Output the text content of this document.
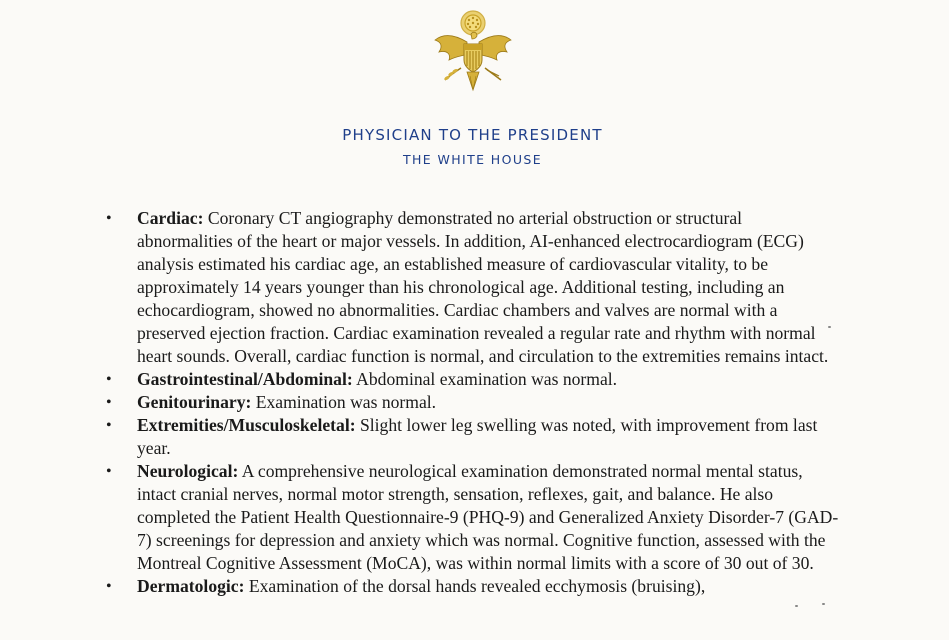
PHYSICIAN TO THE PRESIDENT
THE WHITE HOUSE
• Cardiac: Coronary CT angiography demonstrated no arterial obstruction or structural abnormalities of the heart or major vessels. In addition, AI-enhanced electrocardiogram (ECG) analysis estimated his cardiac age, an established measure of cardiovascular vitality, to be approximately 14 years younger than his chronological age. Additional testing, including an echocardiogram, showed no abnormalities. Cardiac chambers and valves are normal with a preserved ejection fraction. Cardiac examination revealed a regular rate and rhythm with normal heart sounds. Overall, cardiac function is normal, and circulation to the extremities remains intact.
• Gastrointestinal/Abdominal: Abdominal examination was normal.
• Genitourinary: Examination was normal.
• Extremities/Musculoskeletal: Slight lower leg swelling was noted, with improvement from last year.
• Neurological: A comprehensive neurological examination demonstrated normal mental status, intact cranial nerves, normal motor strength, sensation, reflexes, gait, and balance. He also completed the Patient Health Questionnaire-9 (PHQ-9) and Generalized Anxiety Disorder-7 (GAD-7) screenings for depression and anxiety which was normal. Cognitive function, assessed with the Montreal Cognitive Assessment (MoCA), was within normal limits with a score of 30 out of 30.
• Dermatologic: Examination of the dorsal hands revealed ecchymosis (bruising),
